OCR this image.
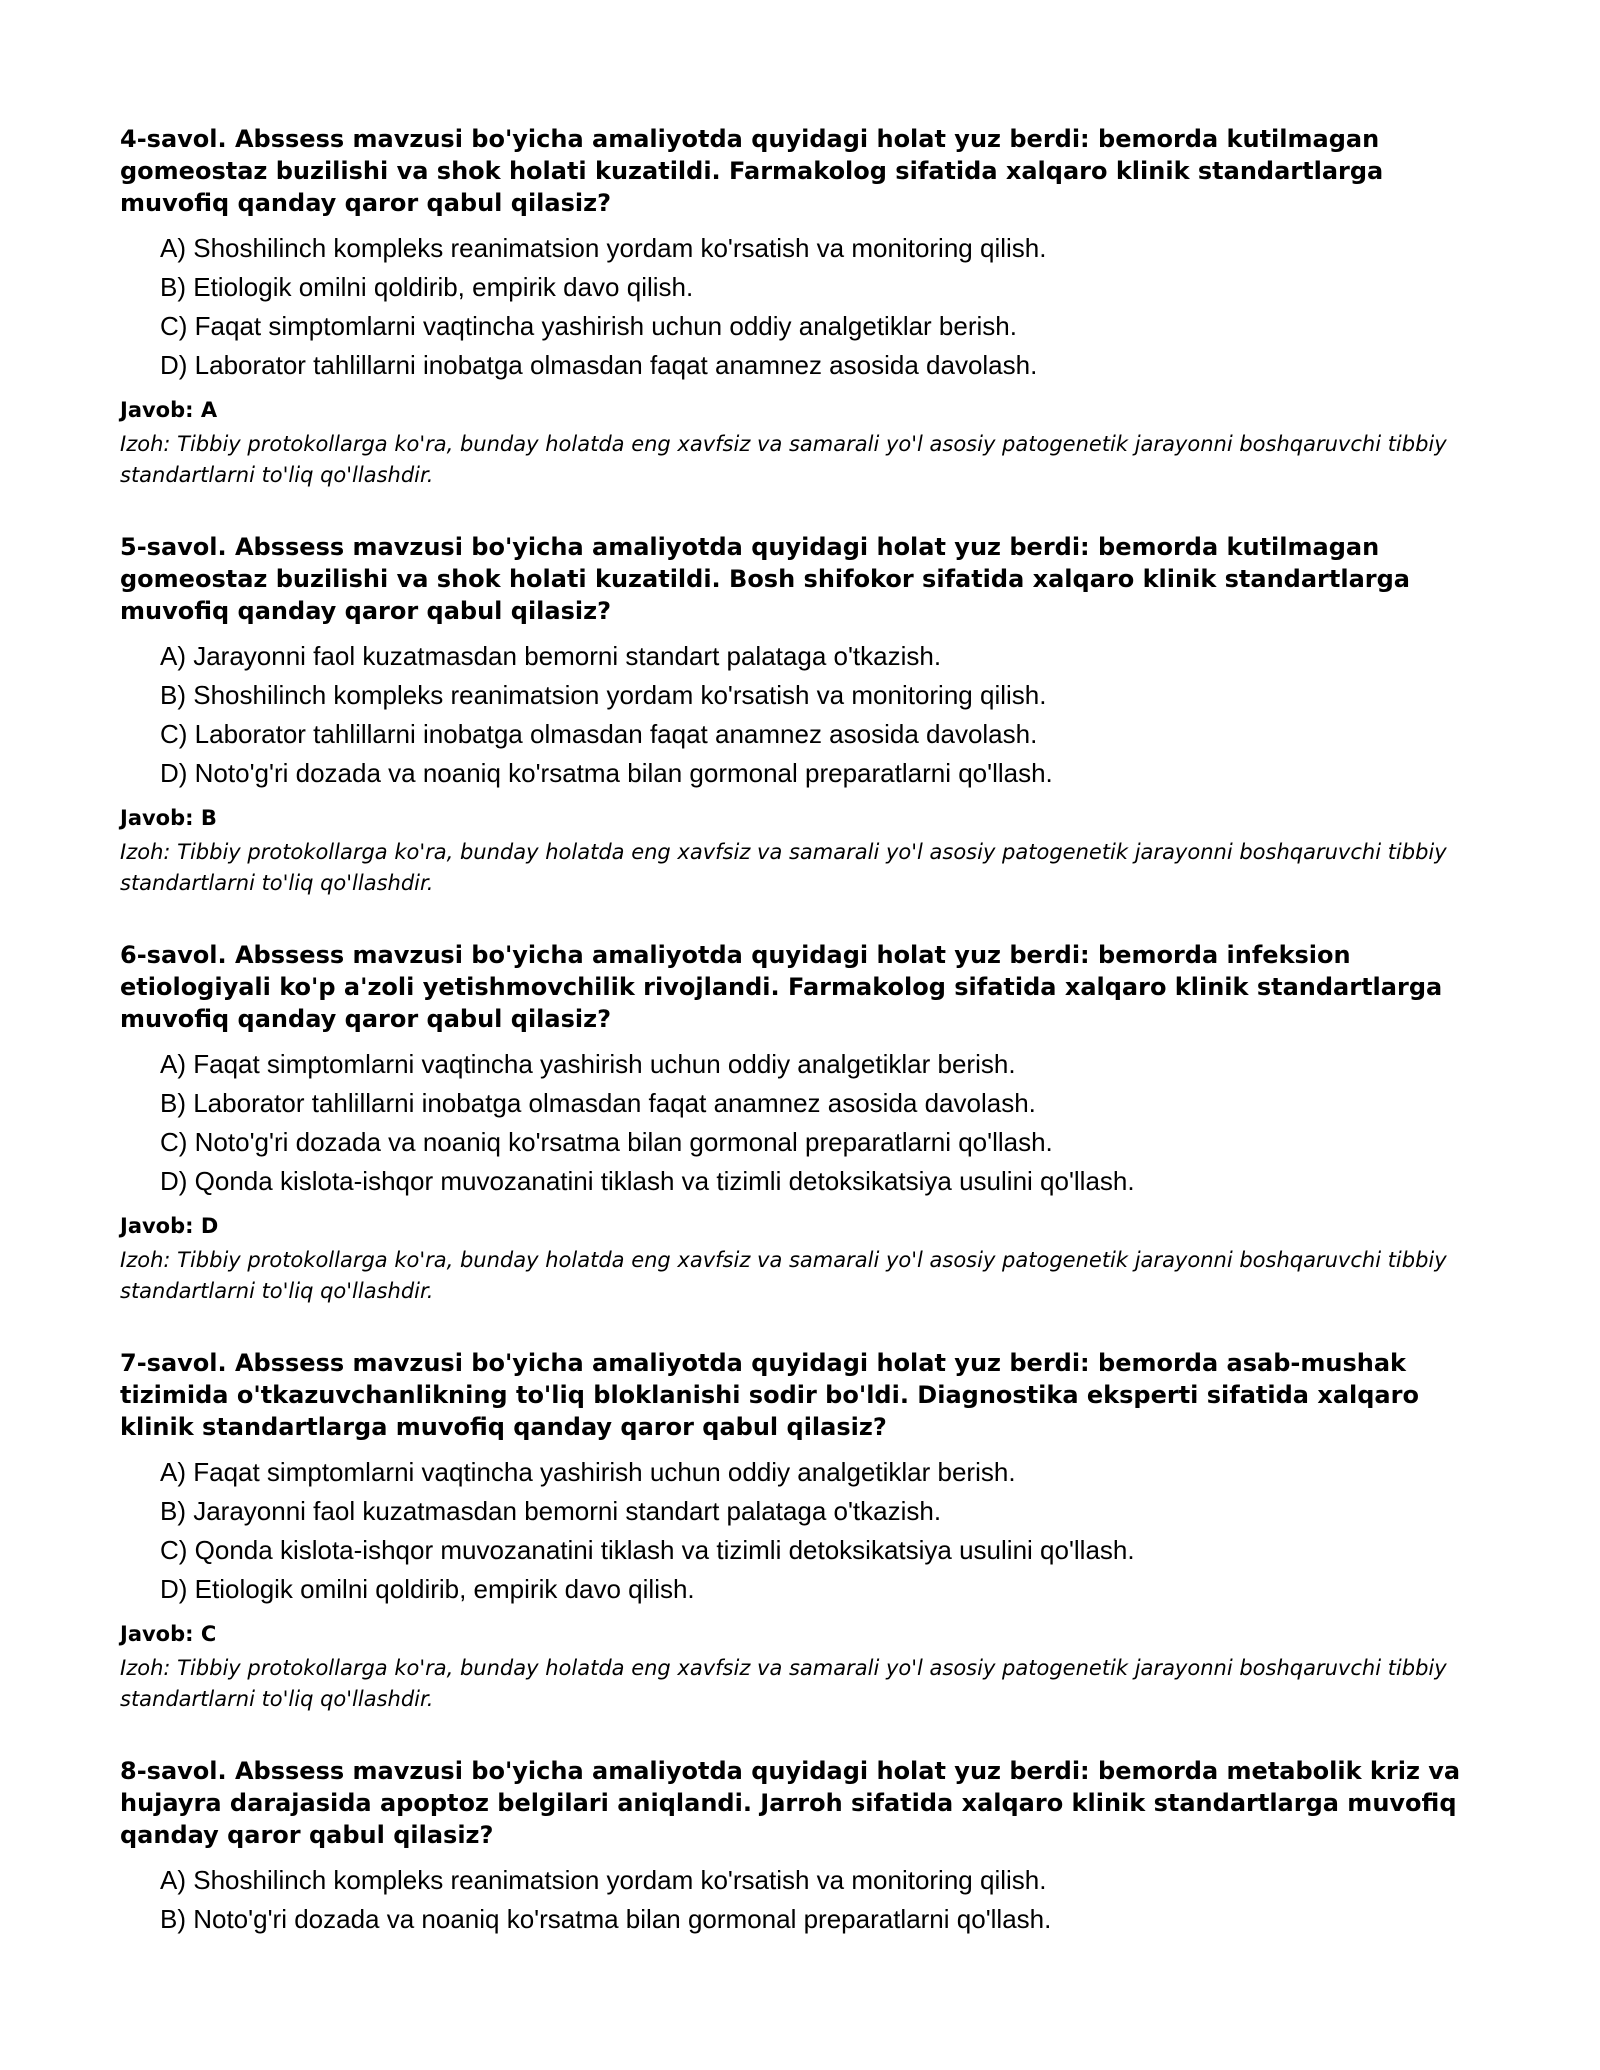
4-savol. Abssess mavzusi bo'yicha amaliyotda quyidagi holat yuz berdi: bemorda kutilmagan gomeostaz buzilishi va shok holati kuzatildi. Farmakolog sifatida xalqaro klinik standartlarga muvofiq qanday qaror qabul qilasiz?

A) Shoshilinch kompleks reanimatsion yordam ko'rsatish va monitoring qilish.
B) Etiologik omilni qoldirib, empirik davo qilish.
C) Faqat simptomlarni vaqtincha yashirish uchun oddiy analgetiklar berish.
D) Laborator tahlillarni inobatga olmasdan faqat anamnez asosida davolash.

Javob: A

Izoh: Tibbiy protokollarga ko'ra, bunday holatda eng xavfsiz va samarali yo'l asosiy patogenetik jarayonni boshqaruvchi tibbiy standartlarni to'liq qo'llashdir.

5-savol. Abssess mavzusi bo'yicha amaliyotda quyidagi holat yuz berdi: bemorda kutilmagan gomeostaz buzilishi va shok holati kuzatildi. Bosh shifokor sifatida xalqaro klinik standartlarga muvofiq qanday qaror qabul qilasiz?

A) Jarayonni faol kuzatmasdan bemorni standart palataga o'tkazish.
B) Shoshilinch kompleks reanimatsion yordam ko'rsatish va monitoring qilish.
C) Laborator tahlillarni inobatga olmasdan faqat anamnez asosida davolash.
D) Noto'g'ri dozada va noaniq ko'rsatma bilan gormonal preparatlarni qo'llash.

Javob: B

Izoh: Tibbiy protokollarga ko'ra, bunday holatda eng xavfsiz va samarali yo'l asosiy patogenetik jarayonni boshqaruvchi tibbiy standartlarni to'liq qo'llashdir.

6-savol. Abssess mavzusi bo'yicha amaliyotda quyidagi holat yuz berdi: bemorda infeksion etiologiyali ko'p a'zoli yetishmovchilik rivojlandi. Farmakolog sifatida xalqaro klinik standartlarga muvofiq qanday qaror qabul qilasiz?

A) Faqat simptomlarni vaqtincha yashirish uchun oddiy analgetiklar berish.
B) Laborator tahlillarni inobatga olmasdan faqat anamnez asosida davolash.
C) Noto'g'ri dozada va noaniq ko'rsatma bilan gormonal preparatlarni qo'llash.
D) Qonda kislota-ishqor muvozanatini tiklash va tizimli detoksikatsiya usulini qo'llash.

Javob: D

Izoh: Tibbiy protokollarga ko'ra, bunday holatda eng xavfsiz va samarali yo'l asosiy patogenetik jarayonni boshqaruvchi tibbiy standartlarni to'liq qo'llashdir.

7-savol. Abssess mavzusi bo'yicha amaliyotda quyidagi holat yuz berdi: bemorda asab-mushak tizimida o'tkazuvchanlikning to'liq bloklanishi sodir bo'ldi. Diagnostika eksperti sifatida xalqaro klinik standartlarga muvofiq qanday qaror qabul qilasiz?

A) Faqat simptomlarni vaqtincha yashirish uchun oddiy analgetiklar berish.
B) Jarayonni faol kuzatmasdan bemorni standart palataga o'tkazish.
C) Qonda kislota-ishqor muvozanatini tiklash va tizimli detoksikatsiya usulini qo'llash.
D) Etiologik omilni qoldirib, empirik davo qilish.

Javob: C

Izoh: Tibbiy protokollarga ko'ra, bunday holatda eng xavfsiz va samarali yo'l asosiy patogenetik jarayonni boshqaruvchi tibbiy standartlarni to'liq qo'llashdir.

8-savol. Abssess mavzusi bo'yicha amaliyotda quyidagi holat yuz berdi: bemorda metabolik kriz va hujayra darajasida apoptoz belgilari aniqlandi. Jarroh sifatida xalqaro klinik standartlarga muvofiq qanday qaror qabul qilasiz?

A) Shoshilinch kompleks reanimatsion yordam ko'rsatish va monitoring qilish.
B) Noto'g'ri dozada va noaniq ko'rsatma bilan gormonal preparatlarni qo'llash.
